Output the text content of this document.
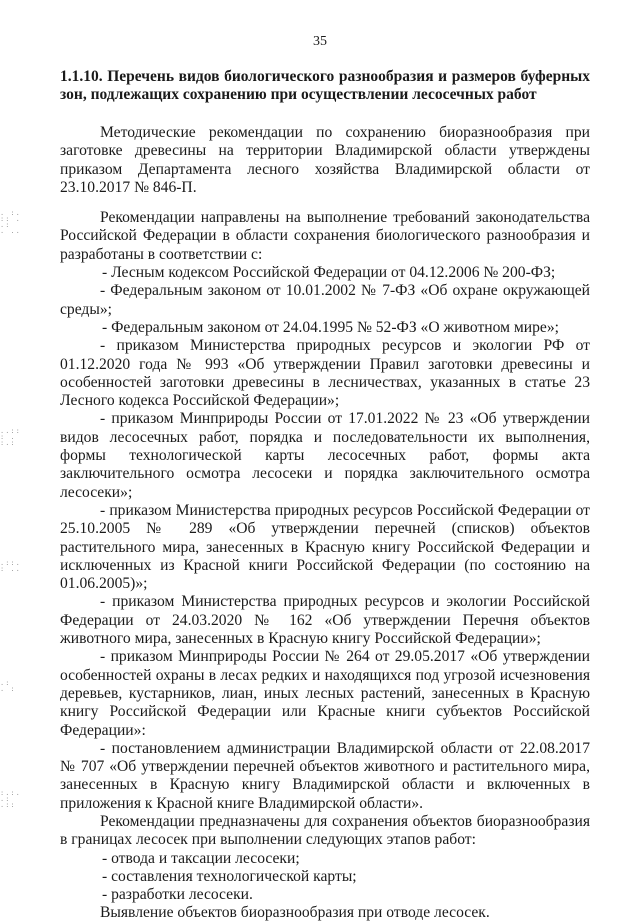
. :.
:: .
.:
. ..
..::
: .
:.:
.::.
: ..
.:
. :
:.:.
.:
.::
35
1.1.10. Перечень видов биологического разнообразия и размеров буферных зон, подлежащих сохранению при осуществлении лесосечных работ

Методические рекомендации по сохранению биоразнообразия при заготовке древесины на территории Владимирской области утверждены приказом Департамента лесного хозяйства Владимирской области от 23.10.2017 № 846-П.

Рекомендации направлены на выполнение требований законодательства Российской Федерации в области сохранения биологического разнообразия и разработаны в соответствии с:

- Лесным кодексом Российской Федерации от 04.12.2006 № 200-ФЗ;

- Федеральным законом от 10.01.2002 № 7-ФЗ «Об охране окружающей среды»;

- Федеральным законом от 24.04.1995 № 52-ФЗ «О животном мире»;

- приказом Министерства природных ресурсов и экологии РФ от 01.12.2020 года № 993 «Об утверждении Правил заготовки древесины и особенностей заготовки древесины в лесничествах, указанных в статье 23 Лесного кодекса Российской Федерации»;

- приказом Минприроды России от 17.01.2022 № 23 «Об утверждении видов лесосечных работ, порядка и последовательности их выполнения, формы технологической карты лесосечных работ, формы акта заключительного осмотра лесосеки и порядка заключительного осмотра лесосеки»;

- приказом Министерства природных ресурсов Российской Федерации от 25.10.2005 № 289 «Об утверждении перечней (списков) объектов растительного мира, занесенных в Красную книгу Российской Федерации и исключенных из Красной книги Российской Федерации (по состоянию на 01.06.2005)»;

- приказом Министерства природных ресурсов и экологии Российской Федерации от 24.03.2020 № 162 «Об утверждении Перечня объектов животного мира, занесенных в Красную книгу Российской Федерации»;

- приказом Минприроды России № 264 от 29.05.2017 «Об утверждении особенностей охраны в лесах редких и находящихся под угрозой исчезновения деревьев, кустарников, лиан, иных лесных растений, занесенных в Красную книгу Российской Федерации или Красные книги субъектов Российской Федерации»:

- постановлением администрации Владимирской области от 22.08.2017 № 707 «Об утверждении перечней объектов животного и растительного мира, занесенных в Красную книгу Владимирской области и включенных в приложения к Красной книге Владимирской области».

Рекомендации предназначены для сохранения объектов биоразнообразия в границах лесосек при выполнении следующих этапов работ:

- отвода и таксации лесосеки;

- составления технологической карты;

- разработки лесосеки.

Выявление объектов биоразнообразия при отводе лесосек.
